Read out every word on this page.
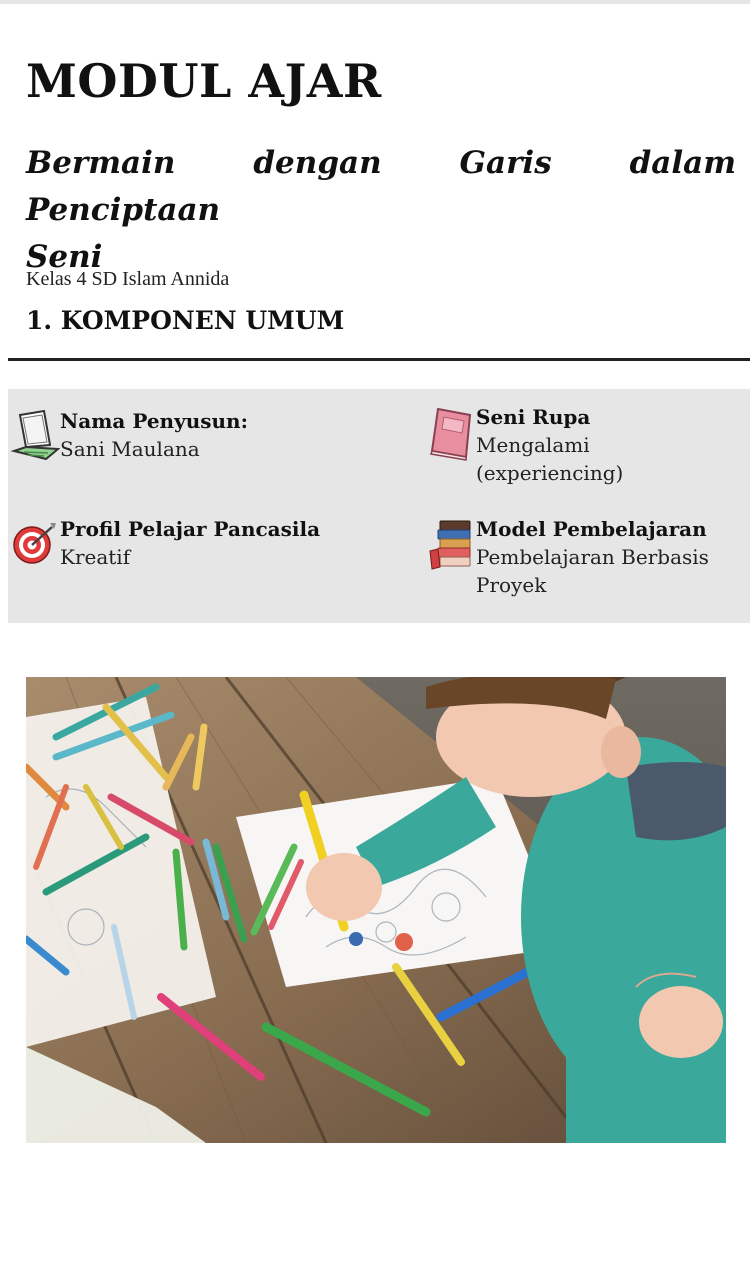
MODUL AJAR
Bermain dengan Garis dalam Penciptaan
Seni
Kelas 4 SD Islam Annida
1. KOMPONEN UMUM
Nama Penyusun:
Sani Maulana
Seni Rupa
Mengalami
(experiencing)
Profil Pelajar Pancasila
Kreatif
Model Pembelajaran
Pembelajaran Berbasis
Proyek
